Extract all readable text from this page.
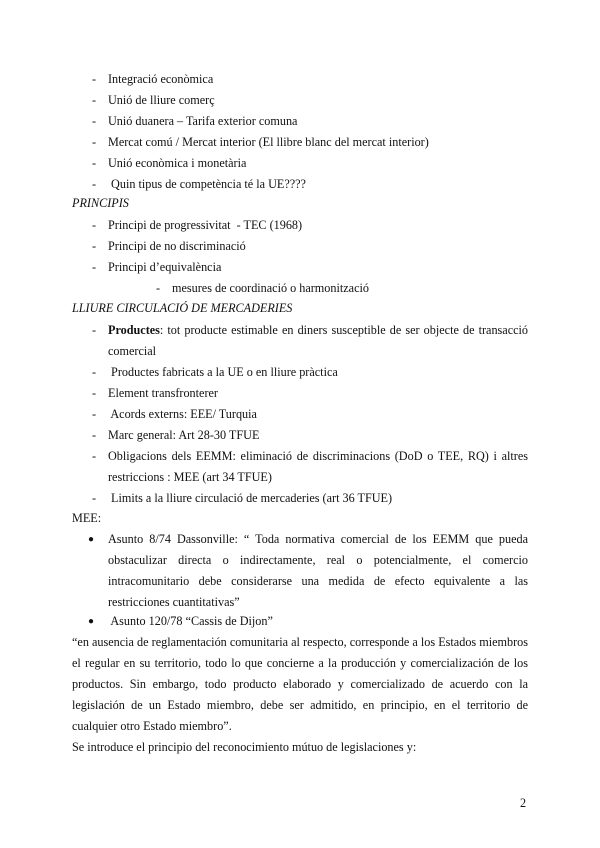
- Integració econòmica
- Unió de lliure comerç
- Unió duanera – Tarifa exterior comuna
- Mercat comú / Mercat interior (El llibre blanc del mercat interior)
- Unió econòmica i monetària
- Quin tipus de competència té la UE????
PRINCIPIS
- Principi de progressivitat  - TEC (1968)
- Principi de no discriminació
- Principi d’equivalència
- mesures de coordinació o harmonització
LLIURE CIRCULACIÓ DE MERCADERIES
- Productes: tot producte estimable en diners susceptible de ser objecte de transacció
comercial
- Productes fabricats a la UE o en lliure pràctica
- Element transfronterer
- Acords externs: EEE/ Turquia
- Marc general: Art 28-30 TFUE
- Obligacions dels EEMM: eliminació de discriminacions (DoD o TEE, RQ) i altres
restriccions : MEE (art 34 TFUE)
- Limits a la lliure circulació de mercaderies (art 36 TFUE)
MEE:
● Asunto 8/74 Dassonville: “ Toda normativa comercial de los EEMM que pueda
obstaculizar directa o indirectamente, real o potencialmente, el comercio
intracomunitario debe considerarse una medida de efecto equivalente a las
restricciones cuantitativas”
● Asunto 120/78 “Cassis de Dijon”
“en ausencia de reglamentación comunitaria al respecto, corresponde a los Estados miembros
el regular en su territorio, todo lo que concierne a la producción y comercialización de los
productos. Sin embargo, todo producto elaborado y comercializado de acuerdo con la
legislación de un Estado miembro, debe ser admitido, en principio, en el territorio de
cualquier otro Estado miembro”.
Se introduce el principio del reconocimiento mútuo de legislaciones y:
2
